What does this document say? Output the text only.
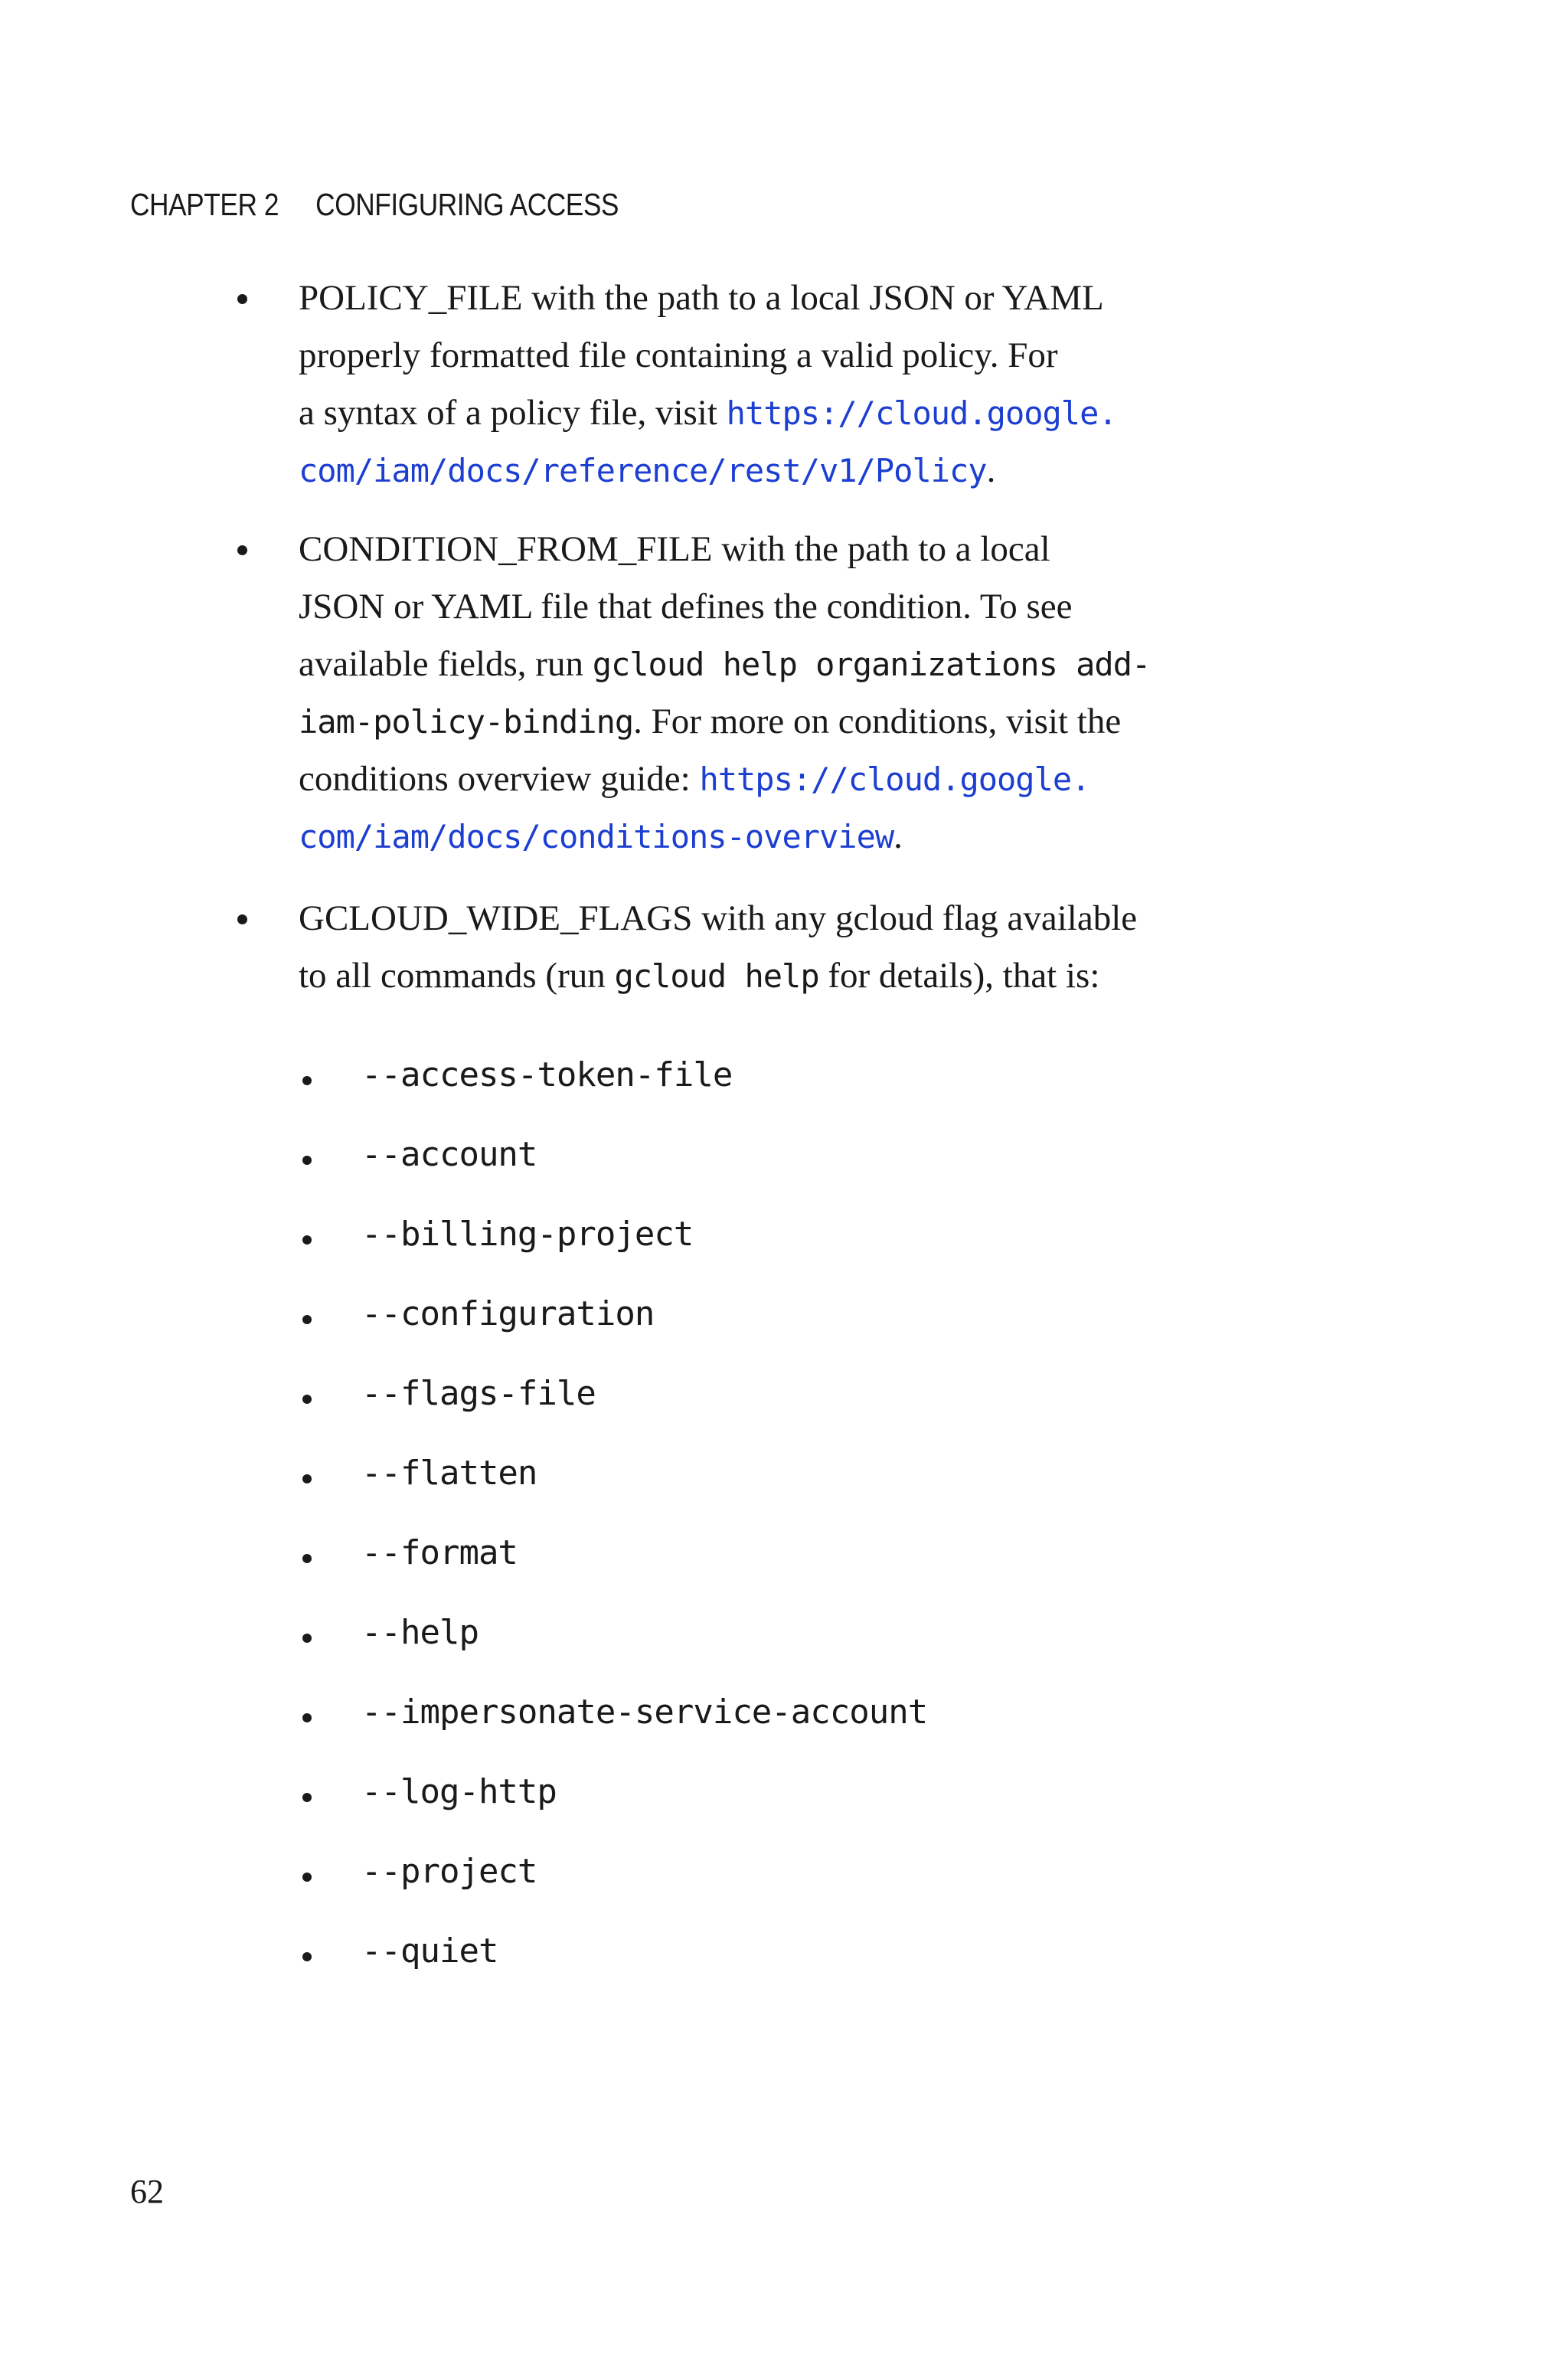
CHAPTER 2 CONFIGURING ACCESS
POLICY_FILE with the path to a local JSON or YAML
properly formatted file containing a valid policy. For
a syntax of a policy file, visit https://cloud.google.
com/iam/docs/reference/rest/v1/Policy.
CONDITION_FROM_FILE with the path to a local
JSON or YAML file that defines the condition. To see
available fields, run gcloud help organizations add-
iam-policy-binding. For more on conditions, visit the
conditions overview guide: https://cloud.google.
com/iam/docs/conditions-overview.
GCLOUD_WIDE_FLAGS with any gcloud flag available
to all commands (run gcloud help for details), that is:
--access-token-file
--account
--billing-project
--configuration
--flags-file
--flatten
--format
--help
--impersonate-service-account
--log-http
--project
--quiet
62
